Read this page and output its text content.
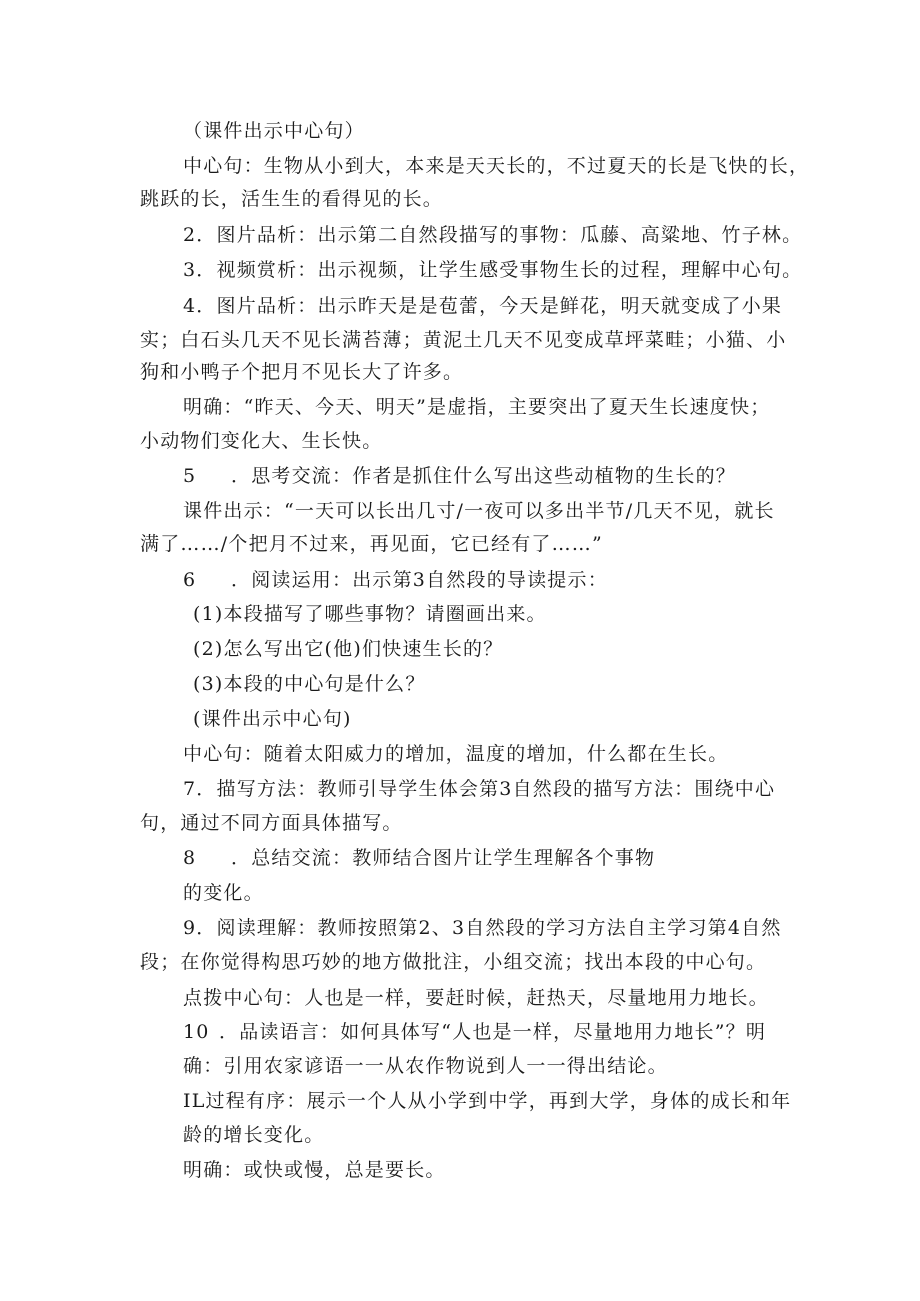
（课件出示中心句）
中心句：生物从小到大，本来是天天长的，不过夏天的长是飞快的长，
跳跃的长，活生生的看得见的长。
2．图片品析：出示第二自然段描写的事物：瓜藤、高粱地、竹子林。
3．视频赏析：出示视频，让学生感受事物生长的过程，理解中心句。
4．图片品析：出示昨天是是苞蕾，今天是鲜花，明天就变成了小果
实；白石头几天不见长满苔薄；黄泥土几天不见变成草坪菜畦；小猫、小
狗和小鸭子个把月不见长大了许多。
明确：“昨天、今天、明天”是虚指，主要突出了夏天生长速度快；
小动物们变化大、生长快。
5 ．思考交流：作者是抓住什么写出这些动植物的生长的？
课件出示：“一天可以长出几寸/一夜可以多出半节/几天不见，就长
满了……/个把月不过来，再见面，它已经有了……”
6 ．阅读运用：出示第3自然段的导读提示：
(1)本段描写了哪些事物？请圈画出来。
(2)怎么写出它(他)们快速生长的？
(3)本段的中心句是什么？
(课件出示中心句)
中心句：随着太阳威力的增加，温度的增加，什么都在生长。
7．描写方法：教师引导学生体会第3自然段的描写方法：围绕中心
句，通过不同方面具体描写。
8 ．总结交流：教师结合图片让学生理解各个事物
的变化。
9．阅读理解：教师按照第2、3自然段的学习方法自主学习第4自然
段；在你觉得构思巧妙的地方做批注，小组交流；找出本段的中心句。
点拨中心句：人也是一样，要赶时候，赶热天，尽量地用力地长。
10 ．品读语言：如何具体写“人也是一样，尽量地用力地长”？明
确：引用农家谚语一一从农作物说到人一一得出结论。
IL过程有序：展示一个人从小学到中学，再到大学，身体的成长和年
龄的增长变化。
明确：或快或慢，总是要长。
